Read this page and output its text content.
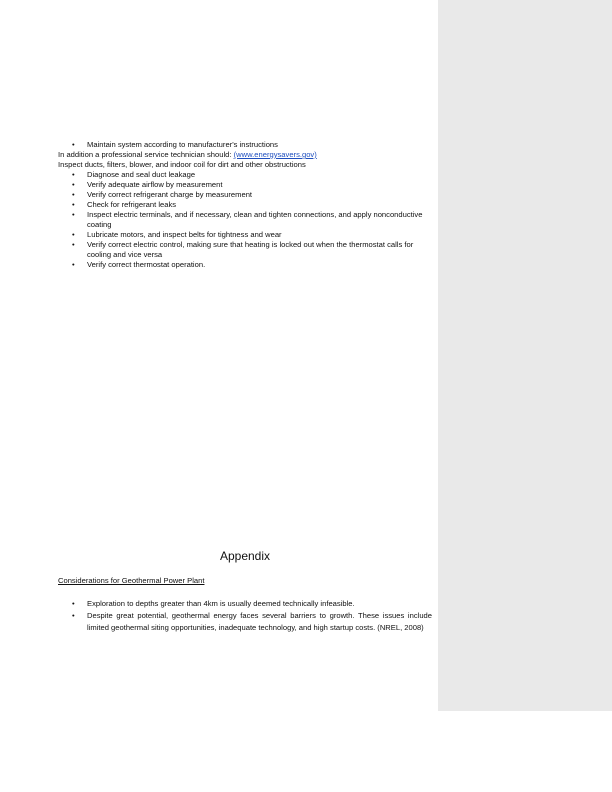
• Maintain system according to manufacturer's instructions
In addition a professional service technician should: (www.energysavers.gov)
Inspect ducts, filters, blower, and indoor coil for dirt and other obstructions
• Diagnose and seal duct leakage
• Verify adequate airflow by measurement
• Verify correct refrigerant charge by measurement
• Check for refrigerant leaks
• Inspect electric terminals, and if necessary, clean and tighten connections, and apply nonconductive coating
• Lubricate motors, and inspect belts for tightness and wear
• Verify correct electric control, making sure that heating is locked out when the thermostat calls for cooling and vice versa
• Verify correct thermostat operation.
Appendix
Considerations for Geothermal Power Plant
• Exploration to depths greater than 4km is usually deemed technically infeasible.
• Despite great potential, geothermal energy faces several barriers to growth. These issues include limited geothermal siting opportunities, inadequate technology, and high startup costs. (NREL, 2008)
